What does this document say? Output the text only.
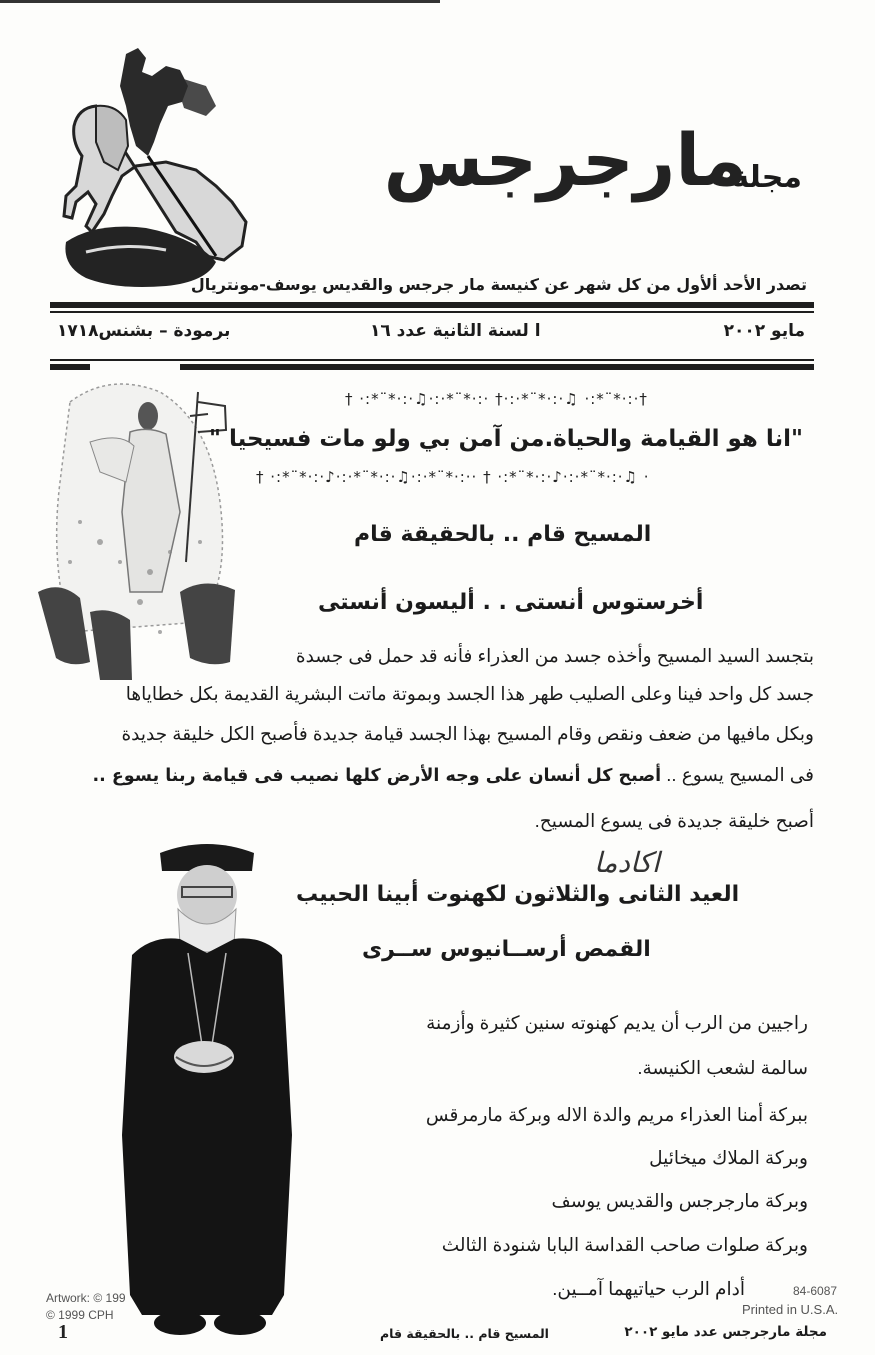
مجلة
مارجرجس
تصدر الأحد ألأول من كل شهر عن كنيسة مار جرجس والقديس يوسف-مونتريال
مايو ٢٠٠٢
ا لسنة الثانية عدد ١٦
برمودة – بشنس١٧١٨
† ·:*¨*·:·♫·:·*¨*·:· †·:·*¨*·:·♫ ·:*¨*·:·†
"انا هو القيامة والحياة.من آمن بي ولو مات فسيحيا "
† ·:*¨*·:·♪·:·*¨*·:·♫·:·*¨*·:·· † ·:*¨*·:·♪·:·*¨*·:·♫ ·
المسيح قام .. بالحقيقة قام
أخرستوس أنستى . . أليسون أنستى
بتجسد السيد المسيح وأخذه جسد من العذراء فأنه قد حمل فى جسدة
جسد كل واحد فينا وعلى الصليب طهر هذا الجسد وبموتة ماتت البشرية القديمة بكل خطاياها
وبكل مافيها من ضعف ونقص وقام المسيح بهذا الجسد قيامة جديدة فأصبح الكل خليقة جديدة
فى المسيح يسوع .. أصبح كل أنسان على وجه الأرض كلها نصيب فى قيامة ربنا يسوع ..
أصبح خليقة جديدة فى يسوع المسيح.
اكادما
العيد الثانى والثلاثون لكهنوت أبينا الحبيب
القمص أرســانيوس ســرى
راجيين من الرب أن يديم كهنوته سنين كثيرة وأزمنة
سالمة لشعب الكنيسة.
ببركة أمنا العذراء مريم والدة الاله وبركة مارمرقس
وبركة الملاك ميخائيل
وبركة مارجرجس والقديس يوسف
وبركة صلوات صاحب القداسة البابا شنودة الثالث
أدام الرب حياتيهما آمــين.
Artwork: © 199
© 1999 CPH
84-6087
Printed in U.S.A.
1	المسيح قام .. بالحقيقة قام	مجلة مارجرجس عدد مايو ٢٠٠٢
